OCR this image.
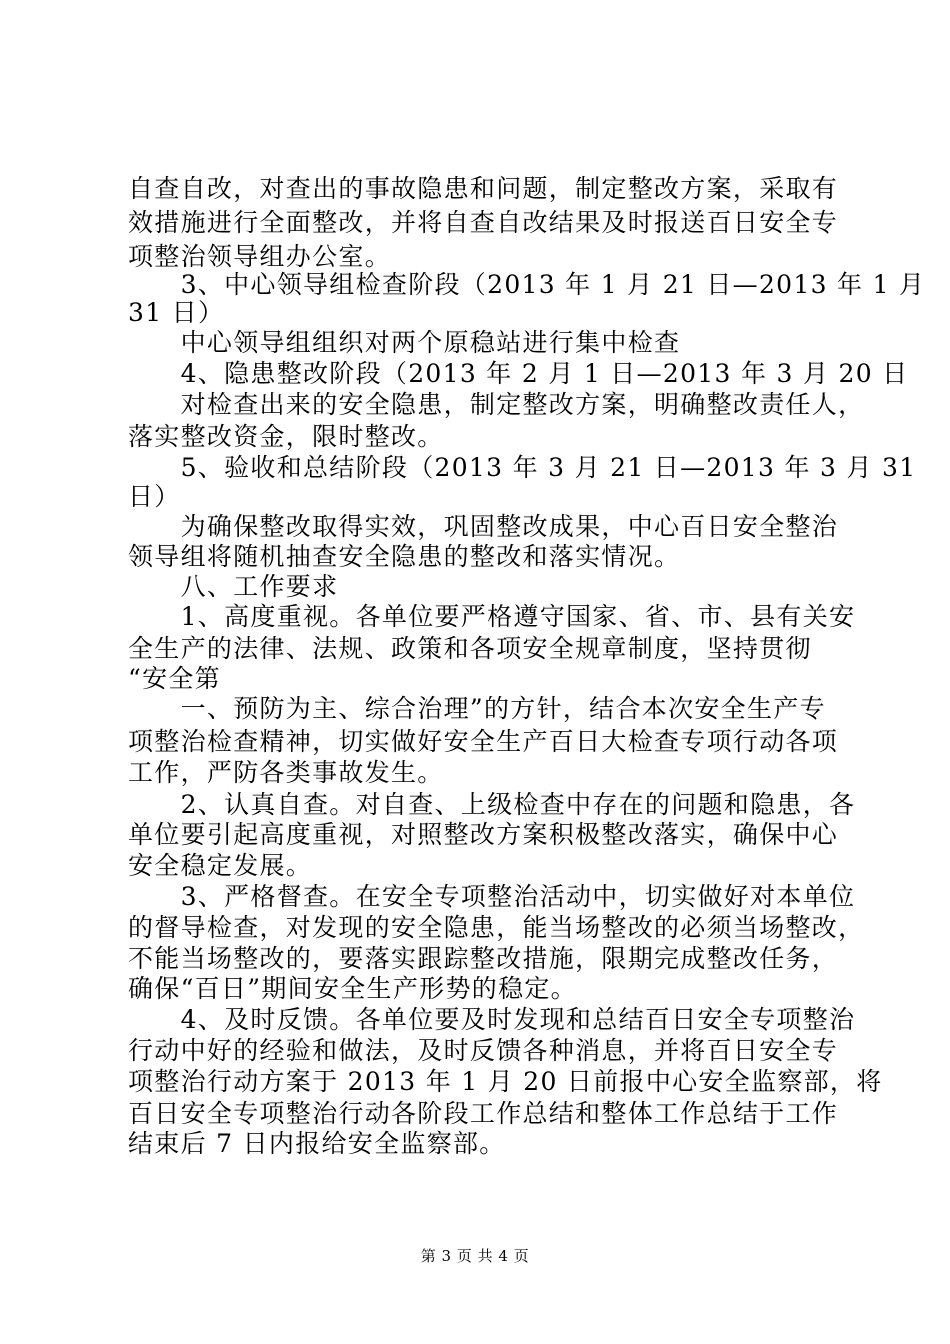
自查自改，对查出的事故隐患和问题，制定整改方案，采取有
效措施进行全面整改，并将自查自改结果及时报送百日安全专
项整治领导组办公室。
　　3、中心领导组检查阶段（2013 年 1 月 21 日—2013 年 1 月
31 日）
　　中心领导组组织对两个原稳站进行集中检查
　　4、隐患整改阶段（2013 年 2 月 1 日—2013 年 3 月 20 日
　　对检查出来的安全隐患，制定整改方案，明确整改责任人，
落实整改资金，限时整改。
　　5、验收和总结阶段（2013 年 3 月 21 日—2013 年 3 月 31
日）
　　为确保整改取得实效，巩固整改成果，中心百日安全整治
领导组将随机抽查安全隐患的整改和落实情况。
　　八、工作要求
　　1、高度重视。各单位要严格遵守国家、省、市、县有关安
全生产的法律、法规、政策和各项安全规章制度，坚持贯彻
“安全第
　　一、预防为主、综合治理”的方针，结合本次安全生产专
项整治检查精神，切实做好安全生产百日大检查专项行动各项
工作，严防各类事故发生。
　　2、认真自查。对自查、上级检查中存在的问题和隐患，各
单位要引起高度重视，对照整改方案积极整改落实，确保中心
安全稳定发展。
　　3、严格督查。在安全专项整治活动中，切实做好对本单位
的督导检查，对发现的安全隐患，能当场整改的必须当场整改，
不能当场整改的，要落实跟踪整改措施，限期完成整改任务，
确保“百日”期间安全生产形势的稳定。
　　4、及时反馈。各单位要及时发现和总结百日安全专项整治
行动中好的经验和做法，及时反馈各种消息，并将百日安全专
项整治行动方案于 2013 年 1 月 20 日前报中心安全监察部，将
百日安全专项整治行动各阶段工作总结和整体工作总结于工作
结束后 7 日内报给安全监察部。
第 3 页 共 4 页
